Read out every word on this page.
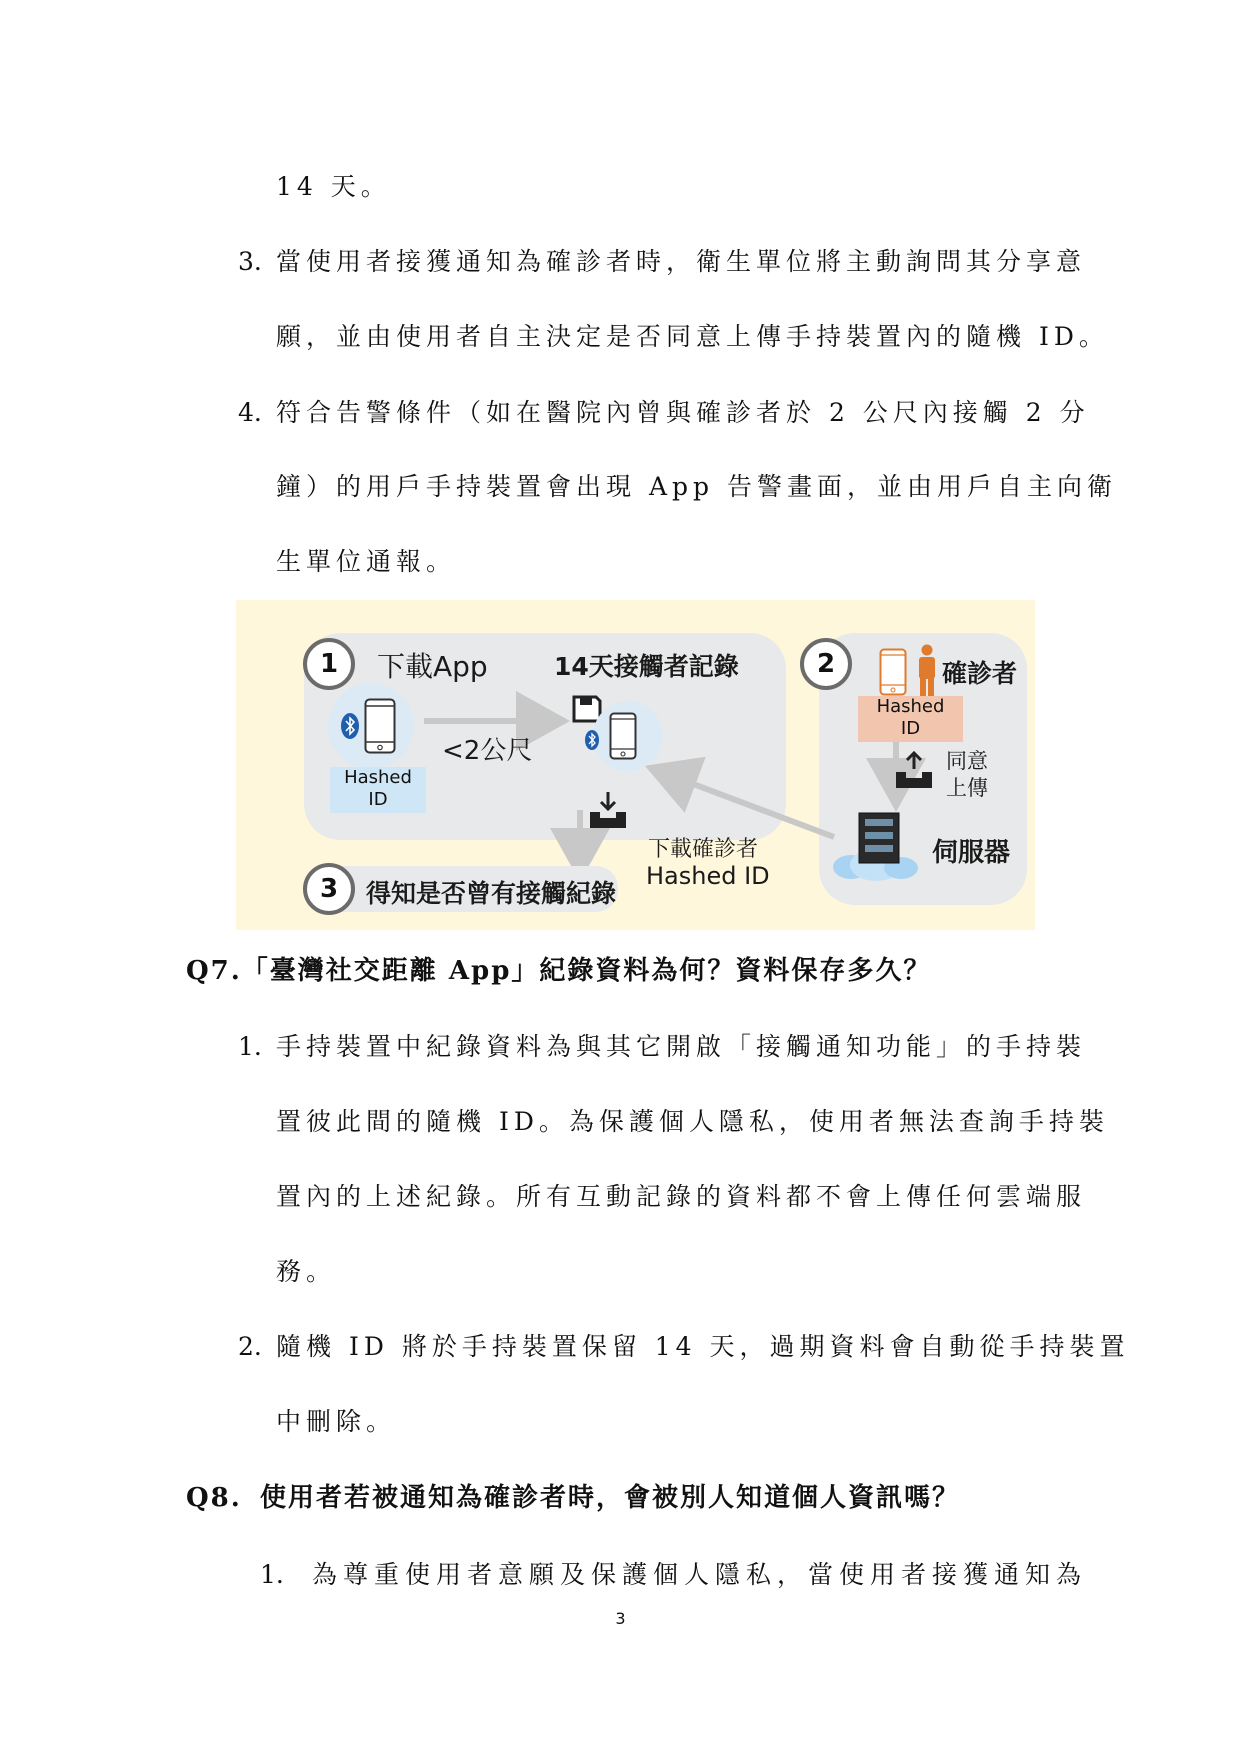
14 天。
3. 當使用者接獲通知為確診者時，衛生單位將主動詢問其分享意
願，並由使用者自主決定是否同意上傳手持裝置內的隨機 ID。
4. 符合告警條件（如在醫院內曾與確診者於 2 公尺內接觸 2 分
鐘）的用戶手持裝置會出現 App 告警畫面，並由用戶自主向衛
生單位通報。
1	下載App	14天接觸者記錄
Hashed
ID
<2公尺
下載確診者
Hashed ID
2	確診者
Hashed
ID
同意
上傳
伺服器
3	得知是否曾有接觸紀錄
Q7.「臺灣社交距離 App」紀錄資料為何？資料保存多久？
1. 手持裝置中紀錄資料為與其它開啟「接觸通知功能」的手持裝
置彼此間的隨機 ID。為保護個人隱私，使用者無法查詢手持裝
置內的上述紀錄。所有互動記錄的資料都不會上傳任何雲端服
務。
2. 隨機 ID 將於手持裝置保留 14 天，過期資料會自動從手持裝置
中刪除。
Q8. 使用者若被通知為確診者時，會被別人知道個人資訊嗎？
1. 為尊重使用者意願及保護個人隱私，當使用者接獲通知為
3
